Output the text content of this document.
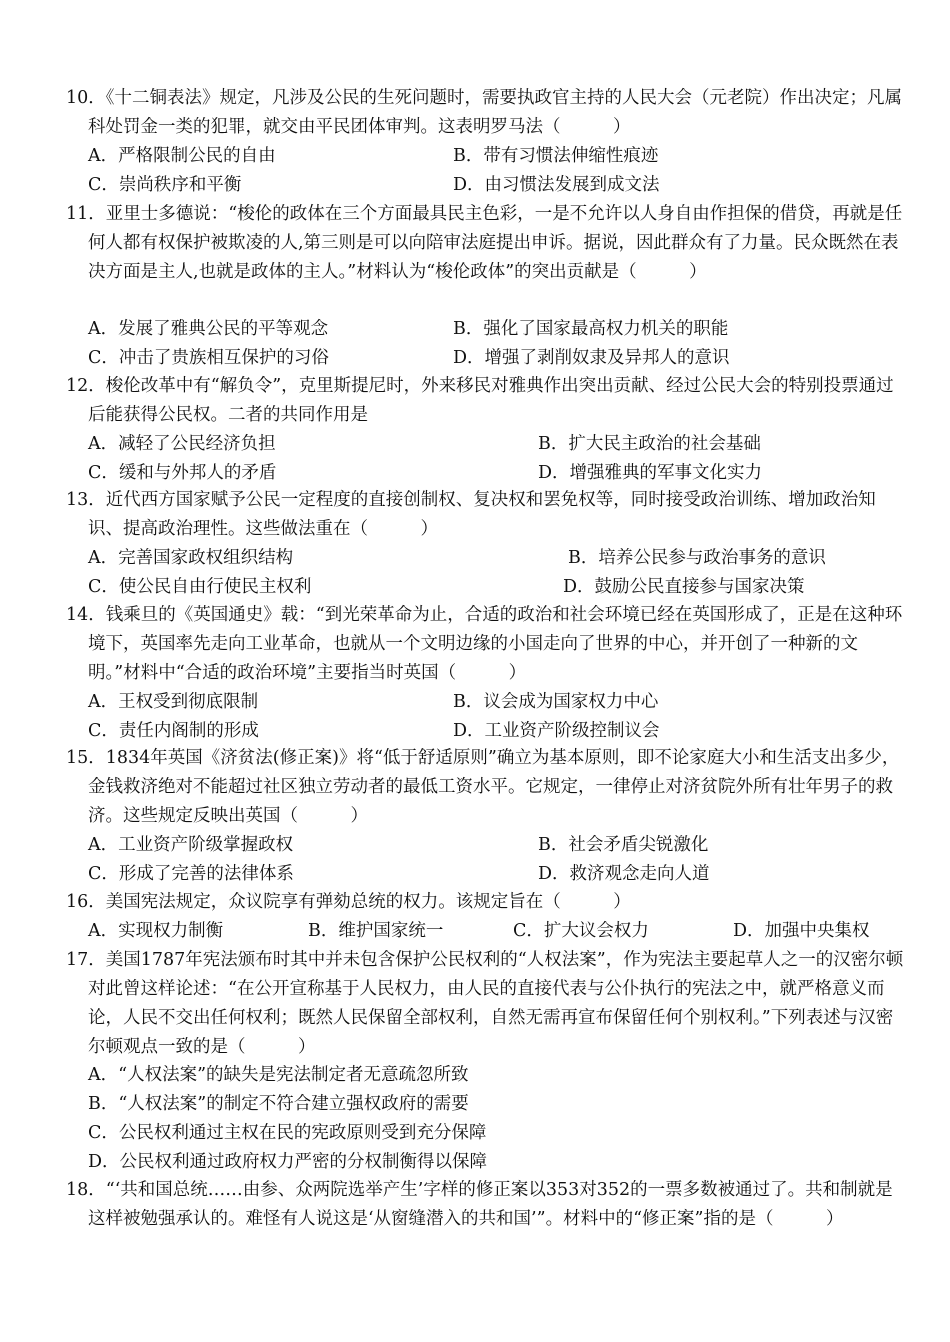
10．《十二铜表法》规定，凡涉及公民的生死问题时，需要执政官主持的人民大会（元老院）作出决定；凡属科处罚金一类的犯罪，就交由平民团体审判。这表明罗马法（　　　）
A．严格限制公民的自由	B．带有习惯法伸缩性痕迹
C．崇尚秩序和平衡	D．由习惯法发展到成文法
11．亚里士多德说：“梭伦的政体在三个方面最具民主色彩，一是不允许以人身自由作担保的借贷，再就是任何人都有权保护被欺凌的人,第三则是可以向陪审法庭提出申诉。据说，因此群众有了力量。民众既然在表决方面是主人,也就是政体的主人。”材料认为“梭伦政体”的突出贡献是（　　　）
A．发展了雅典公民的平等观念	B．强化了国家最高权力机关的职能
C．冲击了贵族相互保护的习俗	D．增强了剥削奴隶及异邦人的意识
12．梭伦改革中有“解负令”，克里斯提尼时，外来移民对雅典作出突出贡献、经过公民大会的特别投票通过后能获得公民权。二者的共同作用是
A．减轻了公民经济负担	B．扩大民主政治的社会基础
C．缓和与外邦人的矛盾	D．增强雅典的军事文化实力
13．近代西方国家赋予公民一定程度的直接创制权、复决权和罢免权等，同时接受政治训练、增加政治知识、提高政治理性。这些做法重在（　　　）
A．完善国家政权组织结构	B．培养公民参与政治事务的意识
C．使公民自由行使民主权利	D．鼓励公民直接参与国家决策
14．钱乘旦的《英国通史》载：“到光荣革命为止，合适的政治和社会环境已经在英国形成了，正是在这种环境下，英国率先走向工业革命，也就从一个文明边缘的小国走向了世界的中心，并开创了一种新的文明。”材料中“合适的政治环境”主要指当时英国（　　　）
A．王权受到彻底限制	B．议会成为国家权力中心
C．责任内阁制的形成	D．工业资产阶级控制议会
15．1834年英国《济贫法(修正案)》将“低于舒适原则”确立为基本原则，即不论家庭大小和生活支出多少，金钱救济绝对不能超过社区独立劳动者的最低工资水平。它规定，一律停止对济贫院外所有壮年男子的救济。这些规定反映出英国（　　　）
A．工业资产阶级掌握政权	B．社会矛盾尖锐激化
C．形成了完善的法律体系	D．救济观念走向人道
16．美国宪法规定，众议院享有弹劾总统的权力。该规定旨在（　　　）
A．实现权力制衡	B．维护国家统一	C．扩大议会权力	D．加强中央集权
17．美国1787年宪法颁布时其中并未包含保护公民权利的“人权法案”，作为宪法主要起草人之一的汉密尔顿对此曾这样论述：“在公开宣称基于人民权力，由人民的直接代表与公仆执行的宪法之中，就严格意义而论，人民不交出任何权利；既然人民保留全部权利，自然无需再宣布保留任何个别权利。”下列表述与汉密尔顿观点一致的是（　　　）
A．“人权法案”的缺失是宪法制定者无意疏忽所致
B．“人权法案”的制定不符合建立强权政府的需要
C．公民权利通过主权在民的宪政原则受到充分保障
D．公民权利通过政府权力严密的分权制衡得以保障
18．“‘共和国总统……由参、众两院选举产生’字样的修正案以353对352的一票多数被通过了。共和制就是这样被勉强承认的。难怪有人说这是‘从窗缝潜入的共和国’”。材料中的“修正案”指的是（　　　）
